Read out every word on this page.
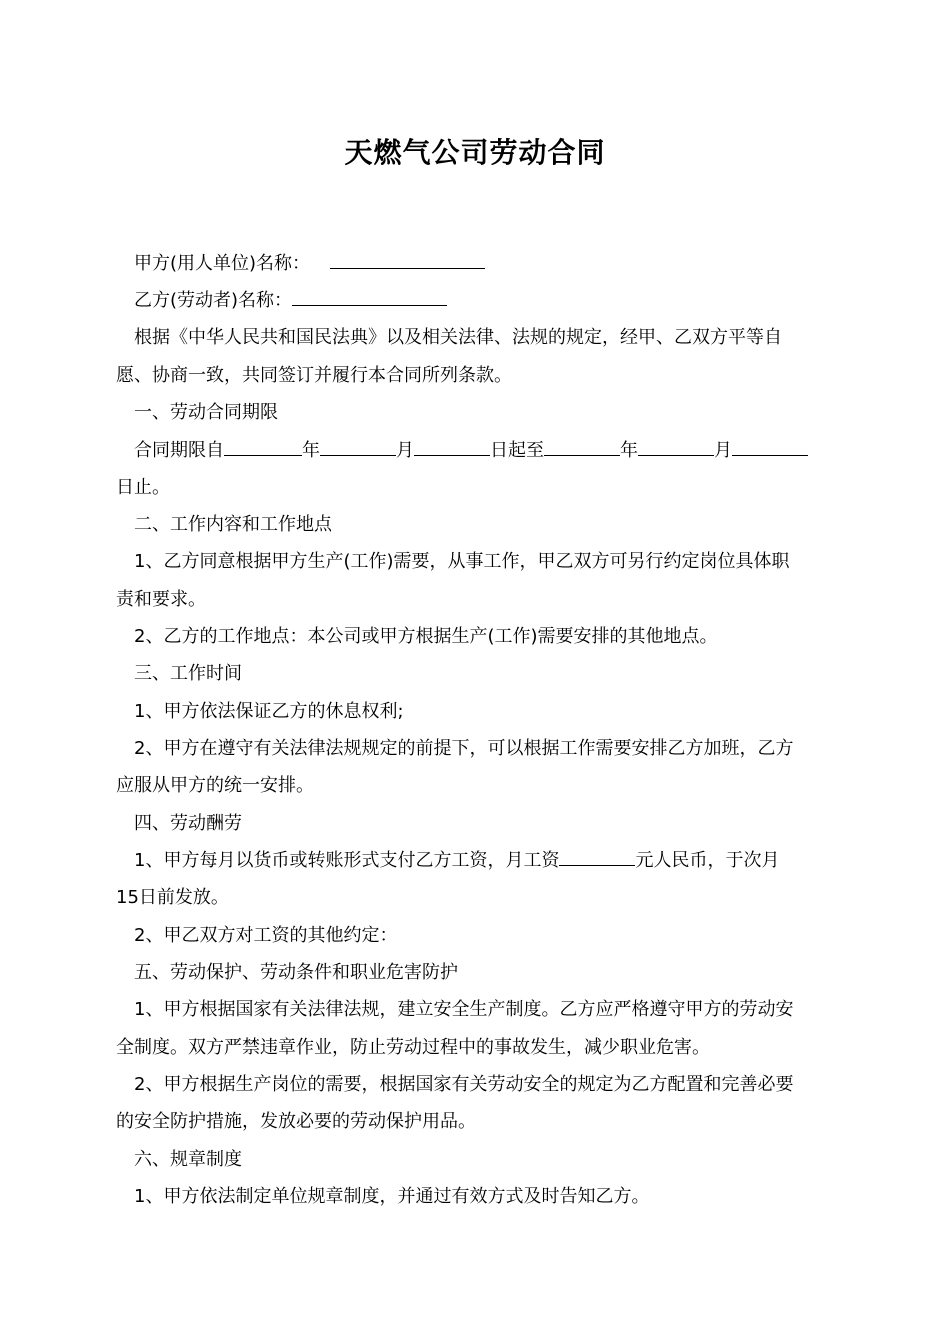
天燃气公司劳动合同
甲方(用人单位)名称：
乙方(劳动者)名称：
根据《中华人民共和国民法典》以及相关法律、法规的规定，经甲、乙双方平等自
愿、协商一致，共同签订并履行本合同所列条款。
一、劳动合同期限
合同期限自	年	月	日起至	年	月
日止。
二、工作内容和工作地点
1、乙方同意根据甲方生产(工作)需要，从事工作，甲乙双方可另行约定岗位具体职
责和要求。
2、乙方的工作地点：本公司或甲方根据生产(工作)需要安排的其他地点。
三、工作时间
1、甲方依法保证乙方的休息权利;
2、甲方在遵守有关法律法规规定的前提下，可以根据工作需要安排乙方加班，乙方
应服从甲方的统一安排。
四、劳动酬劳
1、甲方每月以货币或转账形式支付乙方工资，月工资	元人民币，于次月
15日前发放。
2、甲乙双方对工资的其他约定：
五、劳动保护、劳动条件和职业危害防护
1、甲方根据国家有关法律法规，建立安全生产制度。乙方应严格遵守甲方的劳动安
全制度。双方严禁违章作业，防止劳动过程中的事故发生，减少职业危害。
2、甲方根据生产岗位的需要，根据国家有关劳动安全的规定为乙方配置和完善必要
的安全防护措施，发放必要的劳动保护用品。
六、规章制度
1、甲方依法制定单位规章制度，并通过有效方式及时告知乙方。
